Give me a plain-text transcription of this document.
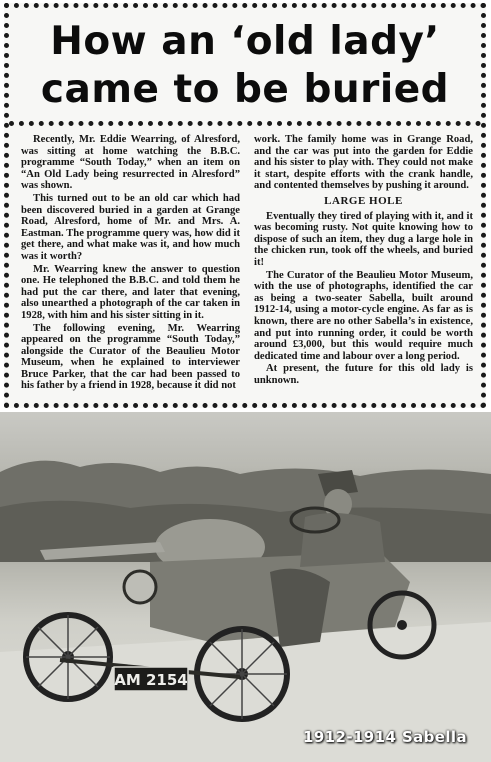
How an ‘old lady’
came to be buried

Recently, Mr. Eddie Wearring, of Alresford, was sitting at home watching the B.B.C. programme “South Today,” when an item on “An Old Lady being resurrected in Alresford” was shown.

This turned out to be an old car which had been discovered buried in a garden at Grange Road, Alresford, home of Mr. and Mrs. A. Eastman. The programme query was, how did it get there, and what make was it, and how much was it worth?

Mr. Wearring knew the answer to question one. He telephoned the B.B.C. and told them he had put the car there, and later that evening, also unearthed a photograph of the car taken in 1928, with him and his sister sitting in it.

The following evening, Mr. Wearring appeared on the programme “South Today,” alongside the Curator of the Beaulieu Motor Museum, when he explained to interviewer Bruce Parker, that the car had been passed to his father by a friend in 1928, because it did not

work. The family home was in Grange Road, and the car was put into the garden for Eddie and his sister to play with. They could not make it start, despite efforts with the crank handle, and contented themselves by pushing it around.

LARGE HOLE

Eventually they tired of playing with it, and it was becoming rusty. Not quite knowing how to dispose of such an item, they dug a large hole in the chicken run, took off the wheels, and buried it!

The Curator of the Beaulieu Motor Museum, with the use of photographs, identified the car as being a two-seater Sabella, built around 1912-14, using a motor-cycle engine. As far as is known, there are no other Sabella’s in existence, and put into running order, it could be worth around £3,000, but this would require much dedicated time and labour over a long period.

At present, the future for this old lady is unknown.

AM 2154
1912-1914 Sabella
